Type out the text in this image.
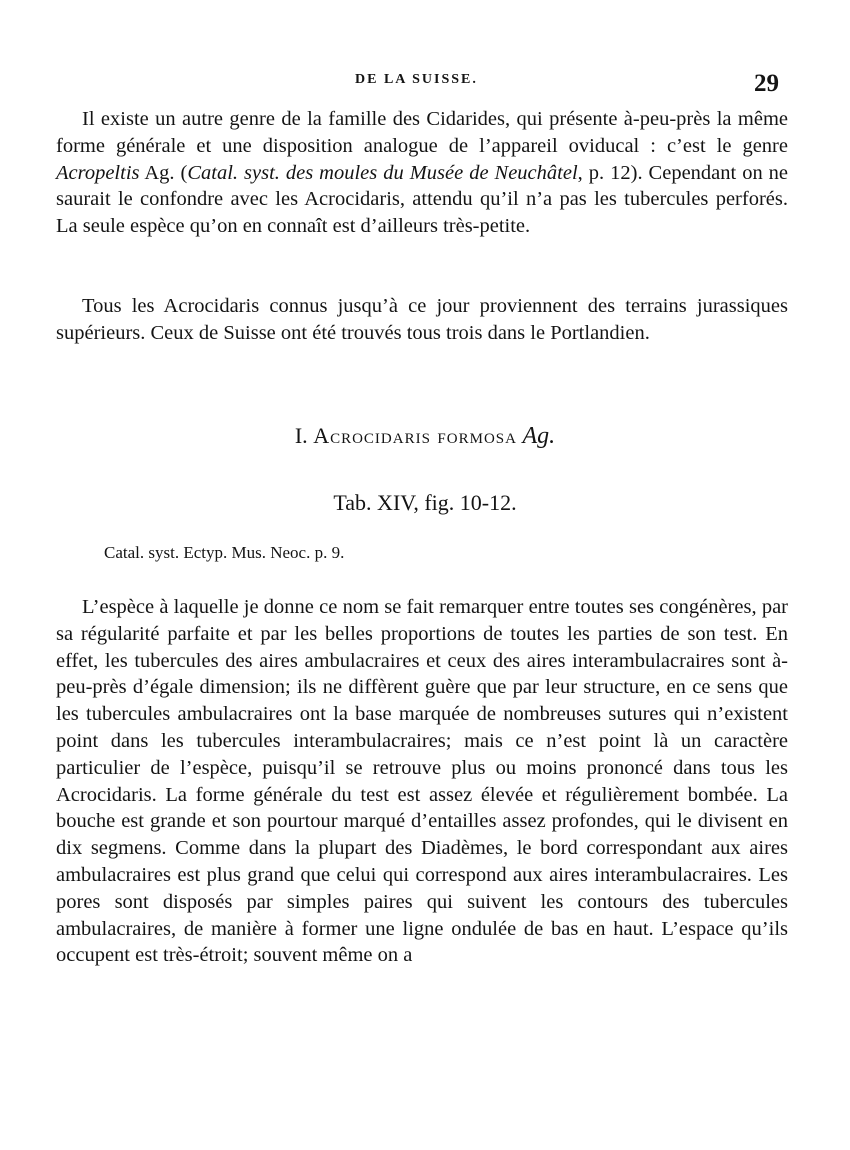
DE LA SUISSE.	29

Il existe un autre genre de la famille des Cidarides, qui présente à-peu-près la même forme générale et une disposition analogue de l’appareil oviducal : c’est le genre Acropeltis Ag. (Catal. syst. des moules du Musée de Neuchâtel, p. 12). Cependant on ne saurait le confondre avec les Acrocidaris, attendu qu’il n’a pas les tubercules perforés. La seule espèce qu’on en connaît est d’ailleurs très-petite.

Tous les Acrocidaris connus jusqu’à ce jour proviennent des terrains jurassiques supérieurs. Ceux de Suisse ont été trouvés tous trois dans le Portlandien.

I. Acrocidaris formosa Ag.

Tab. XIV, fig. 10-12.

Catal. syst. Ectyp. Mus. Neoc. p. 9.

L’espèce à laquelle je donne ce nom se fait remarquer entre toutes ses congénères, par sa régularité parfaite et par les belles proportions de toutes les parties de son test. En effet, les tubercules des aires ambulacraires et ceux des aires interambulacraires sont à-peu-près d’égale dimension; ils ne diffèrent guère que par leur structure, en ce sens que les tubercules ambulacraires ont la base marquée de nombreuses sutures qui n’existent point dans les tubercules interambulacraires; mais ce n’est point là un caractère particulier de l’espèce, puisqu’il se retrouve plus ou moins prononcé dans tous les Acrocidaris. La forme générale du test est assez élevée et régulièrement bombée. La bouche est grande et son pourtour marqué d’entailles assez profondes, qui le divisent en dix segmens. Comme dans la plupart des Diadèmes, le bord correspondant aux aires ambulacraires est plus grand que celui qui correspond aux aires interambulacraires. Les pores sont disposés par simples paires qui suivent les contours des tubercules ambulacraires, de manière à former une ligne ondulée de bas en haut. L’espace qu’ils occupent est très-étroit; souvent même on a
